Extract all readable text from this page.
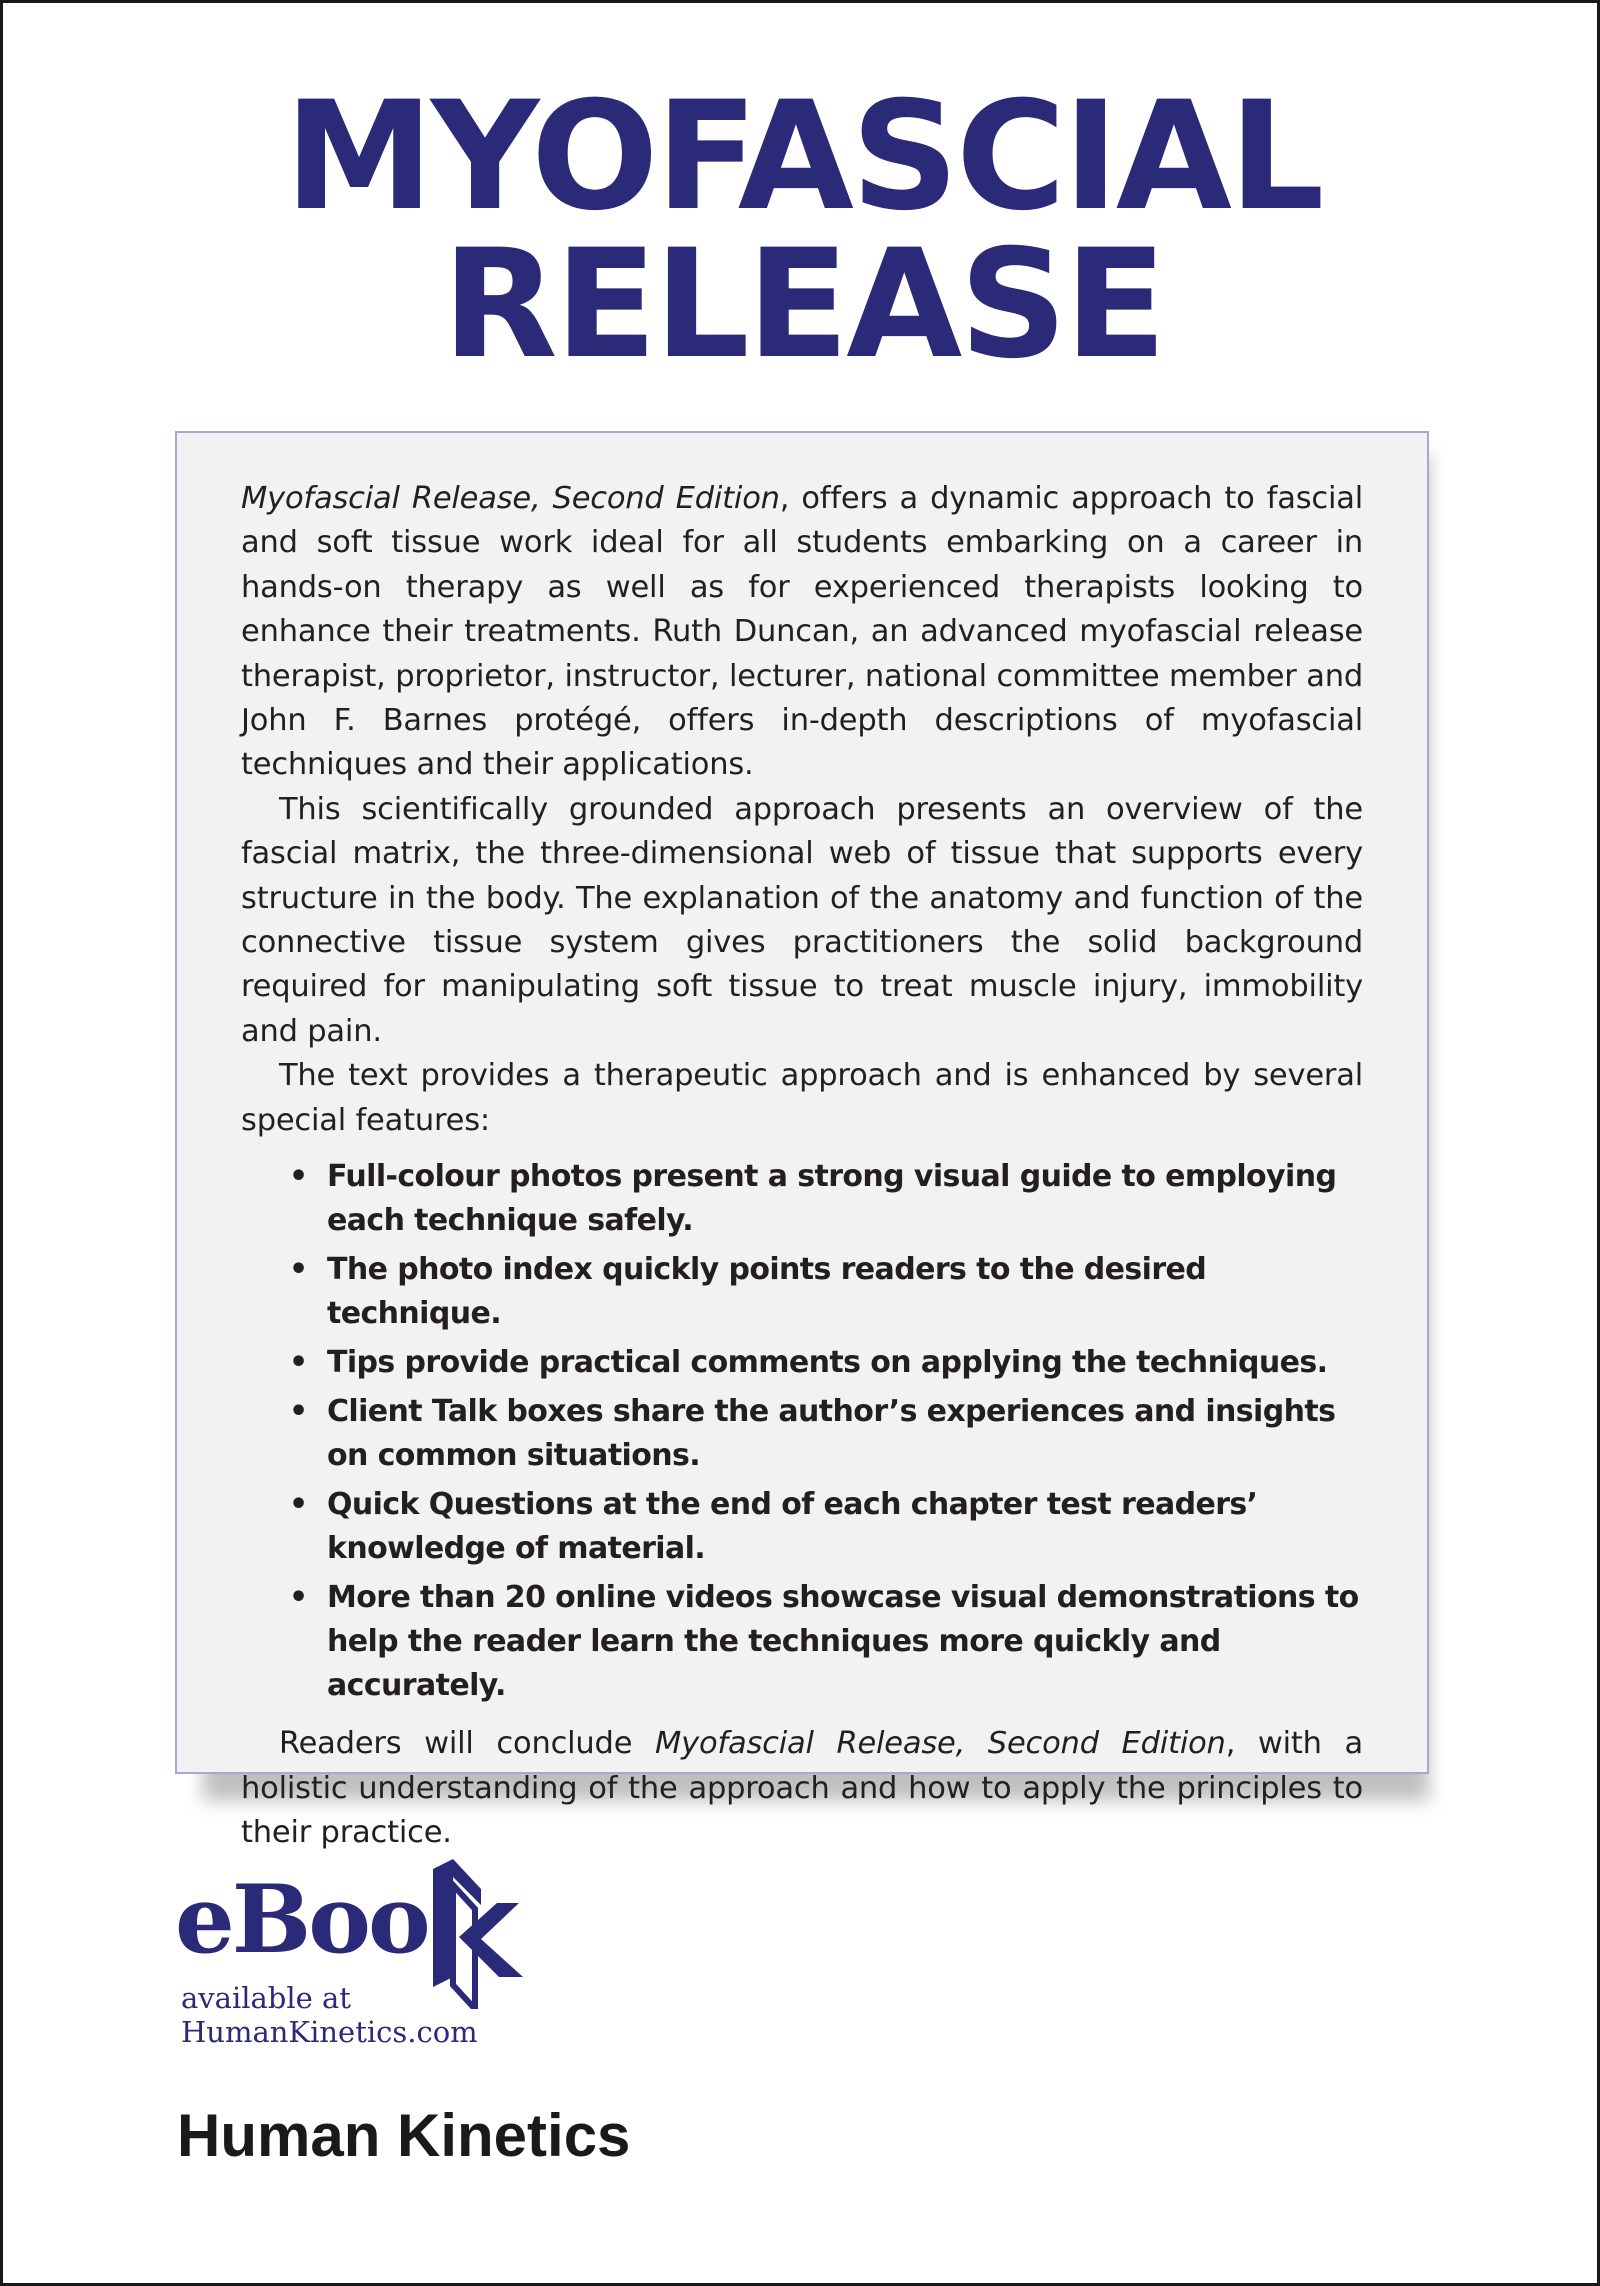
MYOFASCIAL
RELEASE

Myofascial Release, Second Edition, offers a dynamic approach to fascial and soft tissue work ideal for all students embarking on a career in hands-on therapy as well as for experienced therapists looking to enhance their treatments. Ruth Duncan, an advanced myofascial release therapist, proprietor, instructor, lecturer, national committee member and John F. Barnes protégé, offers in-depth descriptions of myofascial techniques and their applications.

This scientifically grounded approach presents an overview of the fascial matrix, the three-dimensional web of tissue that supports every structure in the body. The explanation of the anatomy and function of the connective tissue system gives practitioners the solid background required for manipulating soft tissue to treat muscle injury, immobility and pain.

The text provides a therapeutic approach and is enhanced by several special features:

• Full-colour photos present a strong visual guide to employing each technique safely.
• The photo index quickly points readers to the desired technique.
• Tips provide practical comments on applying the techniques.
• Client Talk boxes share the author’s experiences and insights on common situations.
• Quick Questions at the end of each chapter test readers’ knowledge of material.
• More than 20 online videos showcase visual demonstrations to help the reader learn the techniques more quickly and accurately.

Readers will conclude Myofascial Release, Second Edition, with a holistic understanding of the approach and how to apply the principles to their practice.

eBoo
available at
HumanKinetics.com
Human Kinetics
